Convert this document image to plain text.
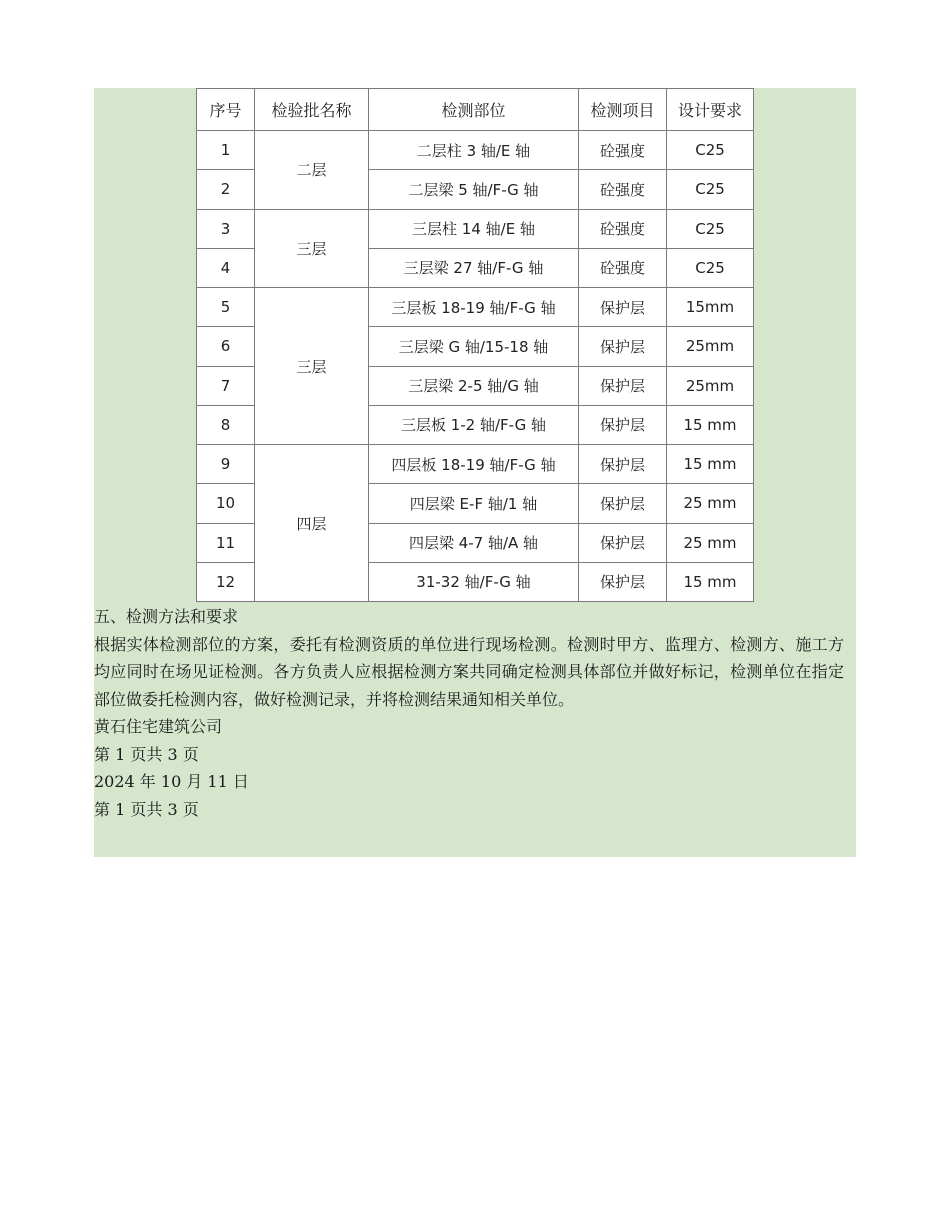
序号	检验批名称	检测部位	检测项目	设计要求
1	二层	二层柱 3 轴/E 轴	砼强度	C25
2		二层梁 5 轴/F-G 轴	砼强度	C25
3	三层	三层柱 14 轴/E 轴	砼强度	C25
4		三层梁 27 轴/F-G 轴	砼强度	C25
5	三层	三层板 18-19 轴/F-G 轴	保护层	15mm
6		三层梁 G 轴/15-18 轴	保护层	25mm
7		三层梁 2-5 轴/G 轴	保护层	25mm
8		三层板 1-2 轴/F-G 轴	保护层	15 mm
9	四层	四层板 18-19 轴/F-G 轴	保护层	15 mm
10		四层梁 E-F 轴/1 轴	保护层	25 mm
11		四层梁 4-7 轴/A 轴	保护层	25 mm
12		31-32 轴/F-G 轴	保护层	15 mm
五、检测方法和要求
根据实体检测部位的方案，委托有检测资质的单位进行现场检测。检测时甲方、监理方、检测方、施工方均应同时在场见证检测。各方负责人应根据检测方案共同确定检测具体部位并做好标记，检测单位在指定部位做委托检测内容，做好检测记录，并将检测结果通知相关单位。
黄石住宅建筑公司
第 1 页共 3 页
2024 年 10 月 11 日
第 1 页共 3 页
